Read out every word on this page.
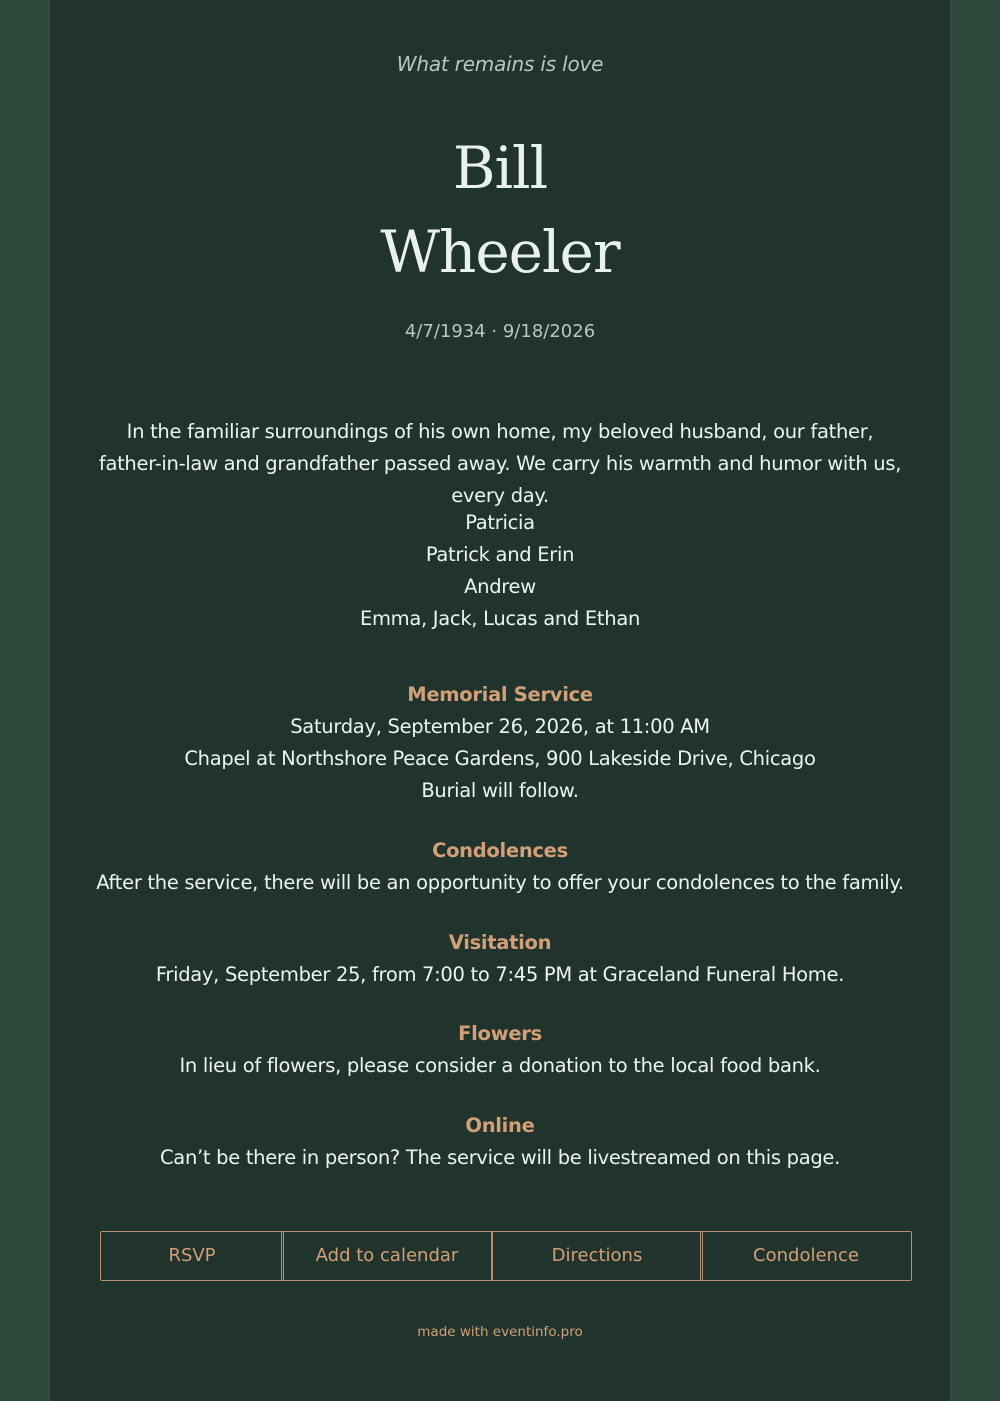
What remains is love
Bill
Wheeler
4/7/1934 · 9/18/2026
In the familiar surroundings of his own home, my beloved husband, our father, father-in-law and grandfather passed away. We carry his warmth and humor with us, every day.
Patricia
Patrick and Erin
Andrew
Emma, Jack, Lucas and Ethan
Memorial Service
Saturday, September 26, 2026, at 11:00 AM
Chapel at Northshore Peace Gardens, 900 Lakeside Drive, Chicago
Burial will follow.
Condolences
After the service, there will be an opportunity to offer your condolences to the family.
Visitation
Friday, September 25, from 7:00 to 7:45 PM at Graceland Funeral Home.
Flowers
In lieu of flowers, please consider a donation to the local food bank.
Online
Can’t be there in person? The service will be livestreamed on this page.
RSVP	Add to calendar	Directions	Condolence
made with eventinfo.pro
